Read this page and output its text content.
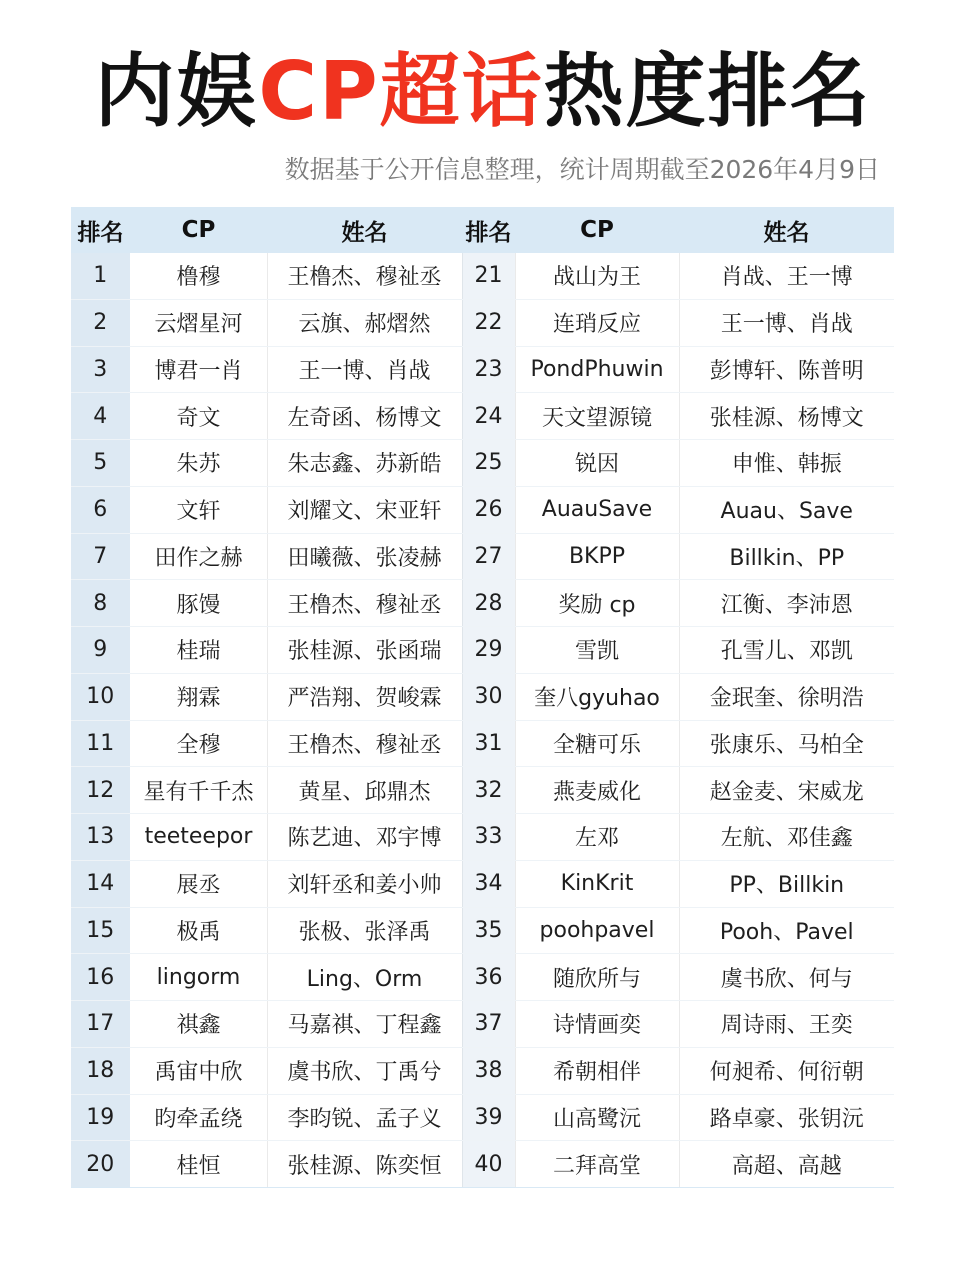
内娱CP超话热度排名
数据基于公开信息整理，统计周期截至2026年4月9日
排名	CP	姓名	排名	CP	姓名
1	橹穆	王橹杰、穆祉丞	21	战山为王	肖战、王一博
2	云熠星河	云旗、郝熠然	22	连琑反应	王一博、肖战
3	博君一肖	王一博、肖战	23	PondPhuwin	彭博轩、陈普明
4	奇文	左奇函、杨博文	24	天文望源镜	张桂源、杨博文
5	朱苏	朱志鑫、苏新皓	25	锐因	申惟、韩振
6	文轩	刘耀文、宋亚轩	26	AuauSave	Auau、Save
7	田作之赫	田曦薇、张凌赫	27	BKPP	Billkin、PP
8	豚馒	王橹杰、穆祉丞	28	奖励 cp	江衡、李沛恩
9	桂瑞	张桂源、张函瑞	29	雪凯	孔雪儿、邓凯
10	翔霖	严浩翔、贺峻霖	30	奎八gyuhao	金珉奎、徐明浩
11	全穆	王橹杰、穆祉丞	31	全糖可乐	张康乐、马柏全
12	星有千千杰	黄星、邱鼎杰	32	燕麦威化	赵金麦、宋威龙
13	teeteepor	陈艺迪、邓宇博	33	左邓	左航、邓佳鑫
14	展丞	刘轩丞和姜小帅	34	KinKrit	PP、Billkin
15	极禹	张极、张泽禹	35	poohpavel	Pooh、Pavel
16	lingorm	Ling、Orm	36	随欣所与	虞书欣、何与
17	祺鑫	马嘉祺、丁程鑫	37	诗情画奕	周诗雨、王奕
18	禹宙中欣	虞书欣、丁禹兮	38	希朝相伴	何昶希、何衍朝
19	昀牵孟绕	李昀锐、孟子义	39	山高鹭沅	路卓豪、张钥沅
20	桂恒	张桂源、陈奕恒	40	二拜高堂	高超、高越
